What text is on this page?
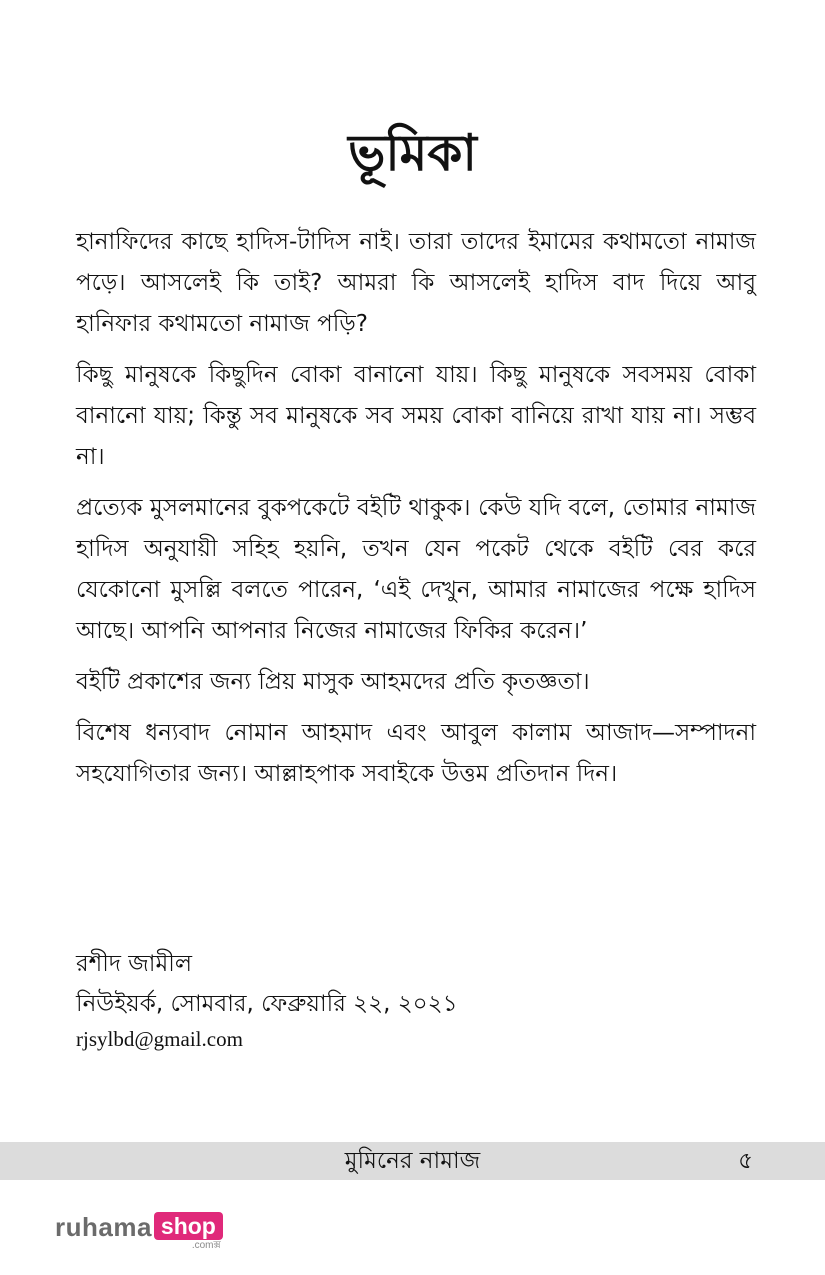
ভূমিকা

হানাফিদের কাছে হাদিস-টাদিস নাই। তারা তাদের ইমামের কথামতো নামাজ পড়ে। আসলেই কি তাই? আমরা কি আসলেই হাদিস বাদ দিয়ে আবু হানিফার কথামতো নামাজ পড়ি?

কিছু মানুষকে কিছুদিন বোকা বানানো যায়। কিছু মানুষকে সবসময় বোকা বানানো যায়; কিন্তু সব মানুষকে সব সময় বোকা বানিয়ে রাখা যায় না। সম্ভব না।

প্রত্যেক মুসলমানের বুকপকেটে বইটি থাকুক। কেউ যদি বলে, তোমার নামাজ হাদিস অনুযায়ী সহিহ হয়নি, তখন যেন পকেট থেকে বইটি বের করে যেকোনো মুসল্লি বলতে পারেন, ‘এই দেখুন, আমার নামাজের পক্ষে হাদিস আছে। আপনি আপনার নিজের নামাজের ফিকির করেন।’

বইটি প্রকাশের জন্য প্রিয় মাসুক আহমদের প্রতি কৃতজ্ঞতা।

বিশেষ ধন্যবাদ নোমান আহমাদ এবং আবুল কালাম আজাদ—সম্পাদনা সহযোগিতার জন্য। আল্লাহপাক সবাইকে উত্তম প্রতিদান দিন।

রশীদ জামীল

নিউইয়র্ক, সোমবার, ফেব্রুয়ারি ২২, ২০২১

rjsylbd@gmail.com

মুমিনের নামাজ	৫
ruhama shop
.comক্স
